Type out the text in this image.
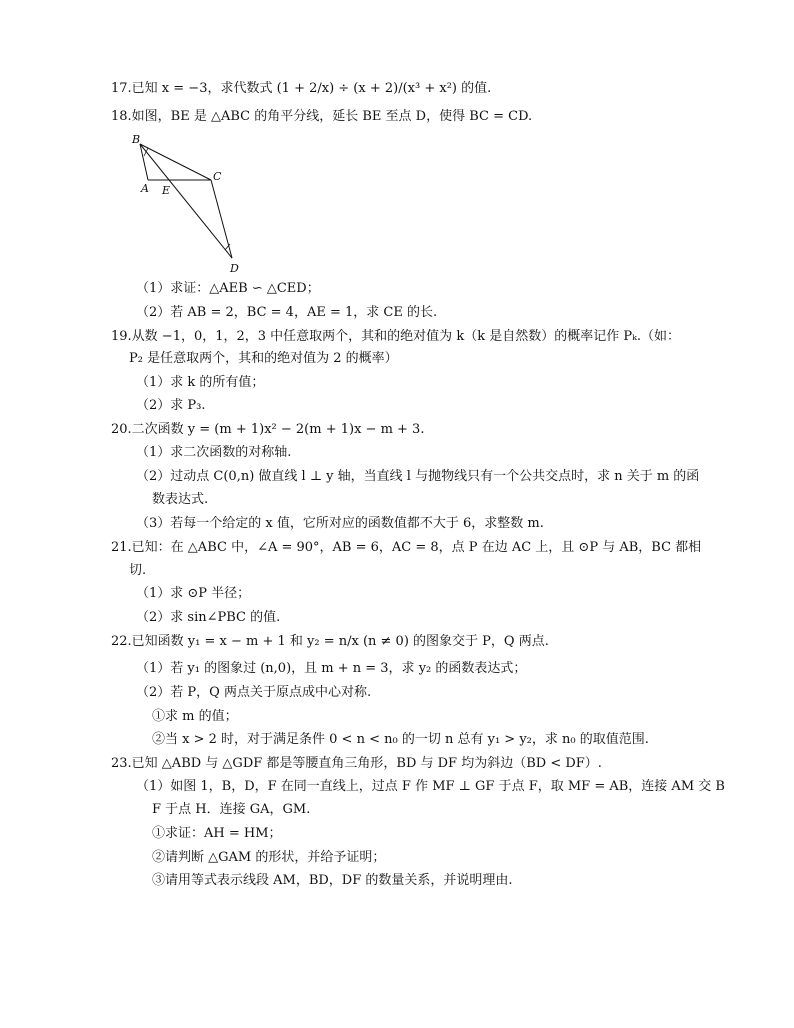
17.已知 x = −3，求代数式 (1 + 2/x) ÷ (x + 2)/(x³ + x²) 的值.
18.如图，BE 是 △ABC 的角平分线，延长 BE 至点 D，使得 BC = CD.
B
A E
C
D
（1）求证：△AEB ∽ △CED；
（2）若 AB = 2，BC = 4，AE = 1，求 CE 的长.
19.从数 −1，0，1，2，3 中任意取两个，其和的绝对值为 k（k 是自然数）的概率记作 Pₖ.（如：
P₂ 是任意取两个，其和的绝对值为 2 的概率）
（1）求 k 的所有值；
（2）求 P₃.
20.二次函数 y = (m + 1)x² − 2(m + 1)x − m + 3.
（1）求二次函数的对称轴.
（2）过动点 C(0,n) 做直线 l ⊥ y 轴，当直线 l 与抛物线只有一个公共交点时，求 n 关于 m 的函
数表达式.
（3）若每一个给定的 x 值，它所对应的函数值都不大于 6，求整数 m.
21.已知：在 △ABC 中，∠A = 90°，AB = 6，AC = 8，点 P 在边 AC 上，且 ⊙P 与 AB，BC 都相
切.
（1）求 ⊙P 半径；
（2）求 sin∠PBC 的值.
22.已知函数 y₁ = x − m + 1 和 y₂ = n/x (n ≠ 0) 的图象交于 P，Q 两点.
（1）若 y₁ 的图象过 (n,0)，且 m + n = 3，求 y₂ 的函数表达式；
（2）若 P，Q 两点关于原点成中心对称.
①求 m 的值；
②当 x > 2 时，对于满足条件 0 < n < n₀ 的一切 n 总有 y₁ > y₂，求 n₀ 的取值范围.
23.已知 △ABD 与 △GDF 都是等腰直角三角形，BD 与 DF 均为斜边（BD < DF）.
（1）如图 1，B，D，F 在同一直线上，过点 F 作 MF ⊥ GF 于点 F，取 MF = AB，连接 AM 交 B
F 于点 H．连接 GA，GM.
①求证：AH = HM；
②请判断 △GAM 的形状，并给予证明；
③请用等式表示线段 AM，BD，DF 的数量关系，并说明理由.
